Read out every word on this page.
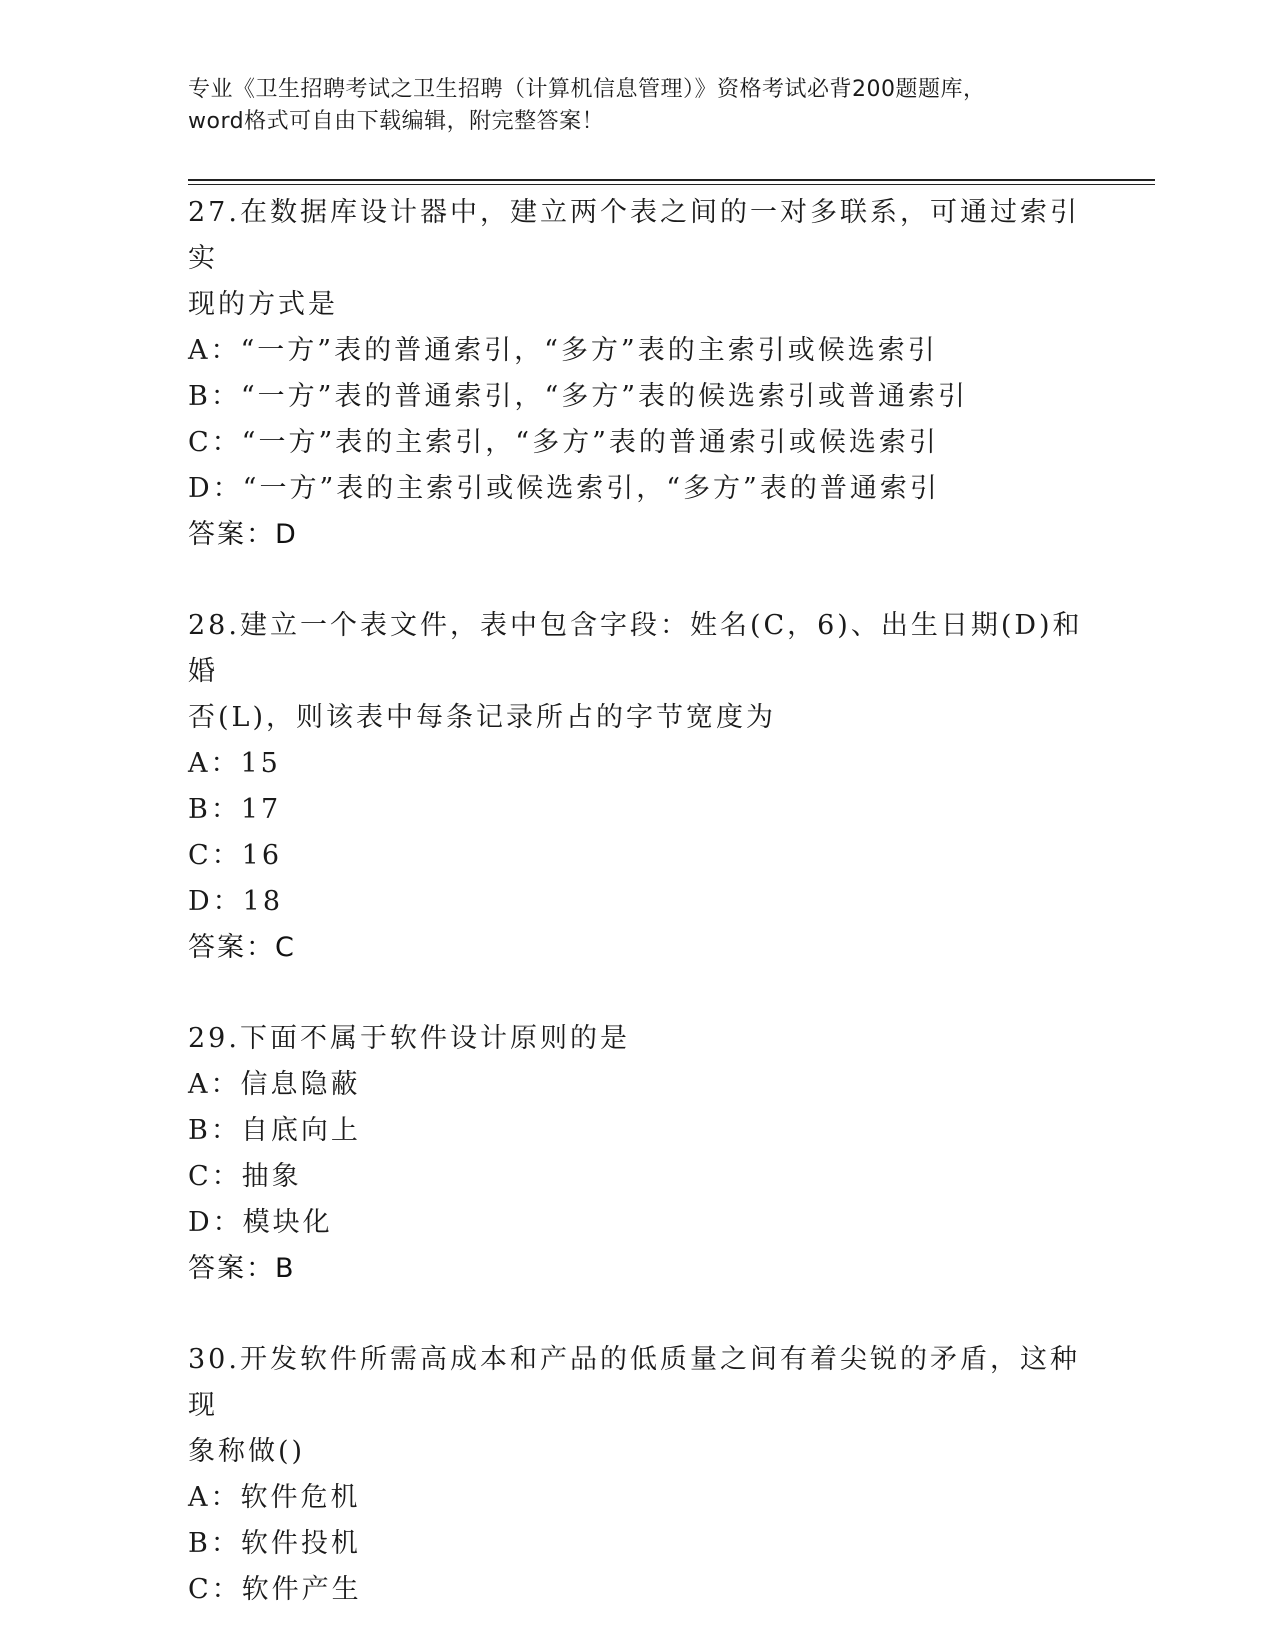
专业《卫生招聘考试之卫生招聘（计算机信息管理）》资格考试必背200题题库，
word格式可自由下载编辑，附完整答案！
27.在数据库设计器中，建立两个表之间的一对多联系，可通过索引实
现的方式是
A：“一方”表的普通索引，“多方”表的主索引或候选索引
B：“一方”表的普通索引，“多方”表的候选索引或普通索引
C：“一方”表的主索引，“多方”表的普通索引或候选索引
D：“一方”表的主索引或候选索引，“多方”表的普通索引
答案：D
28.建立一个表文件，表中包含字段：姓名(C，6)、出生日期(D)和婚
否(L)，则该表中每条记录所占的字节宽度为
A：15
B：17
C：16
D：18
答案：C
29.下面不属于软件设计原则的是
A：信息隐蔽
B：自底向上
C：抽象
D：模块化
答案：B
30.开发软件所需高成本和产品的低质量之间有着尖锐的矛盾，这种现
象称做()
A：软件危机
B：软件投机
C：软件产生
